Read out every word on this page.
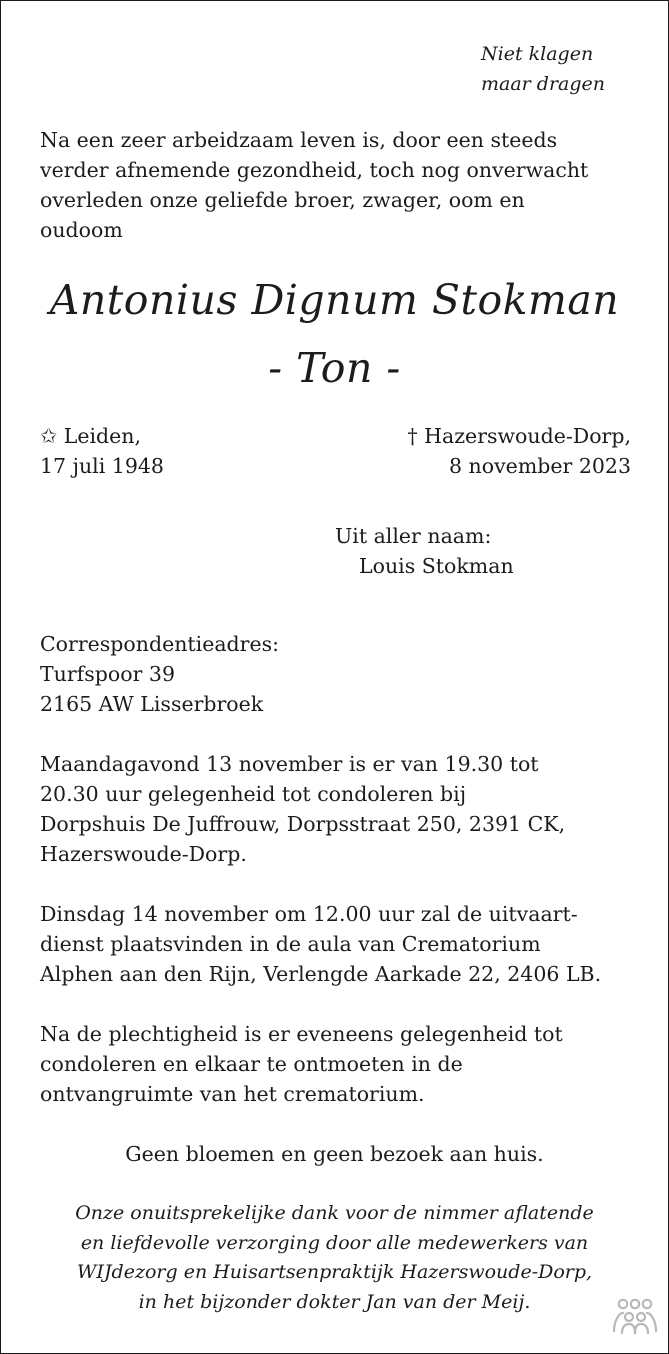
Niet klagen
maar dragen
Na een zeer arbeidzaam leven is, door een steeds
verder afnemende gezondheid, toch nog onverwacht
overleden onze geliefde broer, zwager, oom en
oudoom
Antonius Dignum Stokman
- Ton -
✩ Leiden,
17 juli 1948
† Hazerswoude-Dorp,
8 november 2023
Uit aller naam:
Louis Stokman
Correspondentieadres:
Turfspoor 39
2165 AW Lisserbroek
Maandagavond 13 november is er van 19.30 tot
20.30 uur gelegenheid tot condoleren bij
Dorpshuis De Juffrouw, Dorpsstraat 250, 2391 CK,
Hazerswoude-Dorp.
Dinsdag 14 november om 12.00 uur zal de uitvaart-
dienst plaatsvinden in de aula van Crematorium
Alphen aan den Rijn, Verlengde Aarkade 22, 2406 LB.
Na de plechtigheid is er eveneens gelegenheid tot
condoleren en elkaar te ontmoeten in de
ontvangruimte van het crematorium.
Geen bloemen en geen bezoek aan huis.
Onze onuitsprekelijke dank voor de nimmer aflatende
en liefdevolle verzorging door alle medewerkers van
WIJdezorg en Huisartsenpraktijk Hazerswoude-Dorp,
in het bijzonder dokter Jan van der Meij.
